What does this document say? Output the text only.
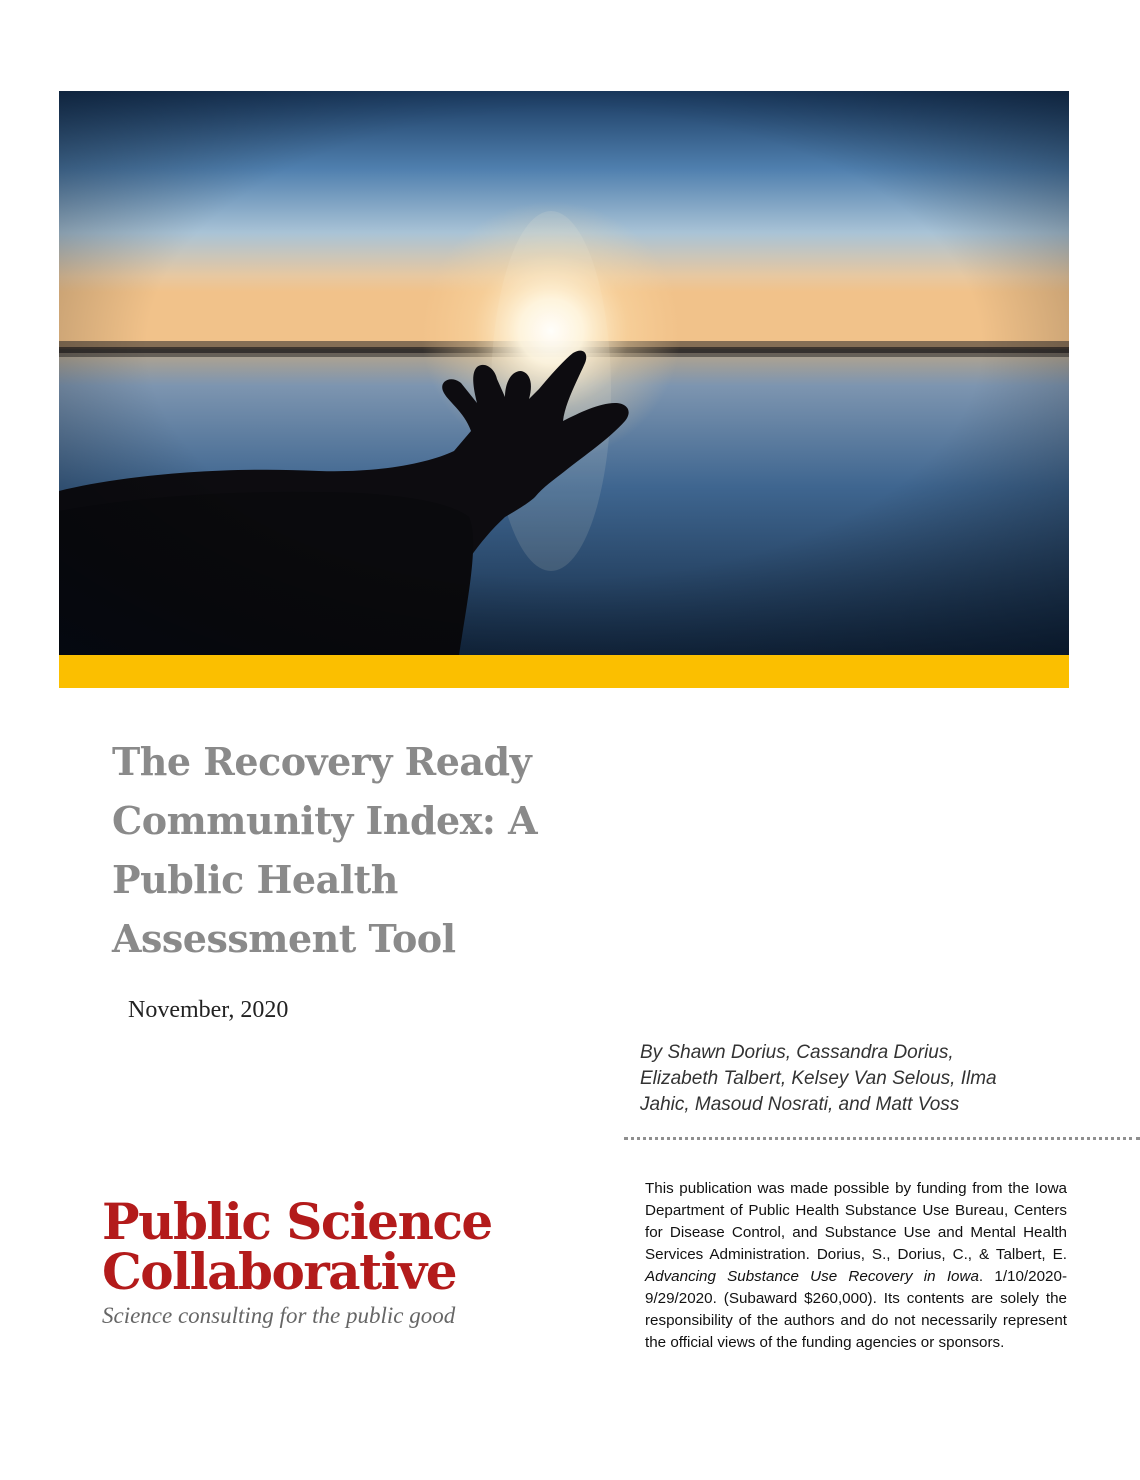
The Recovery Ready
Community Index: A
Public Health
Assessment Tool
November, 2020
By Shawn Dorius, Cassandra Dorius,
Elizabeth Talbert, Kelsey Van Selous, Ilma
Jahic, Masoud Nosrati, and Matt Voss
This publication was made possible by funding from the Iowa Department of Public Health Substance Use Bureau, Centers for Disease Control, and Substance Use and Mental Health Services Administration. Dorius, S., Dorius, C., & Talbert, E. Advancing Substance Use Recovery in Iowa. 1/10/2020-9/29/2020. (Subaward $260,000). Its contents are solely the responsibility of the authors and do not necessarily represent the official views of the funding agencies or sponsors.
Public Science
Collaborative
Science consulting for the public good
